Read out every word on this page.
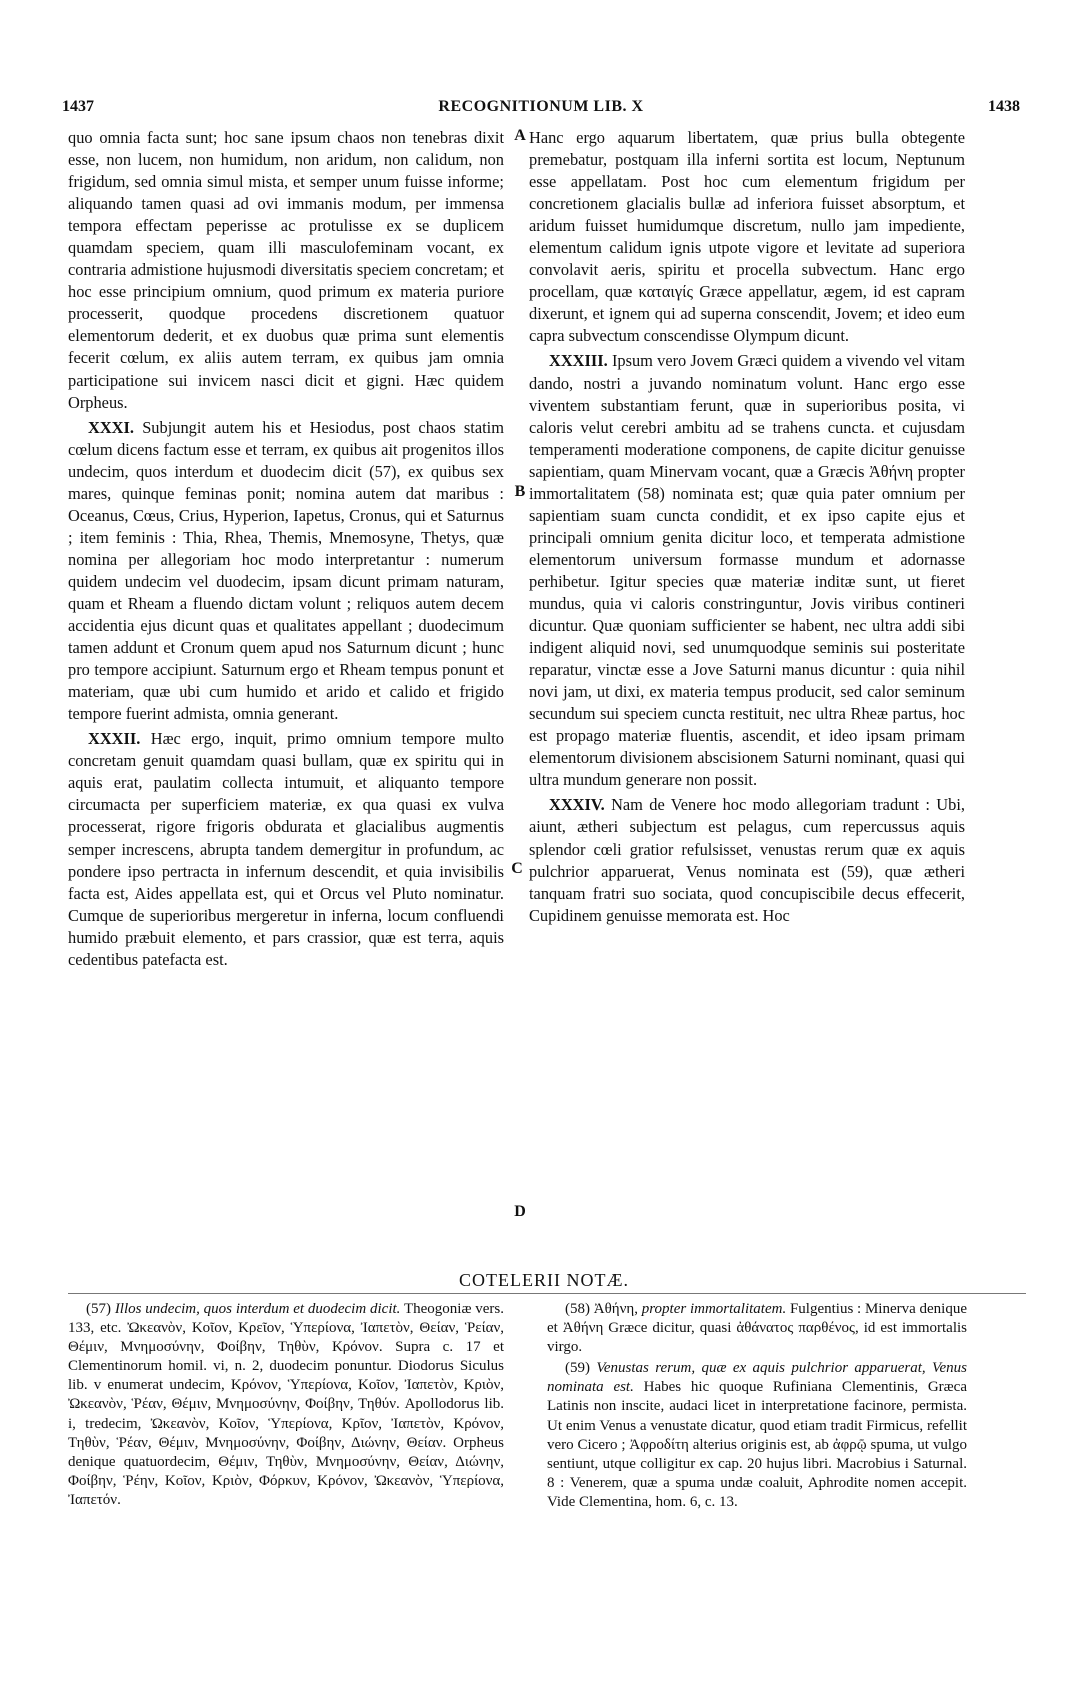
1437	RECOGNITIONUM LIB. X	1438

quo omnia facta sunt; hoc sane ipsum chaos non tenebras dixit esse, non lucem, non humidum, non aridum, non calidum, non frigidum, sed omnia simul mista, et semper unum fuisse informe; aliquando tamen quasi ad ovi immanis modum, per immensa tempora effectam peperisse ac protulisse ex se duplicem quamdam speciem, quam illi masculofeminam vocant, ex contraria admistione hujusmodi diversitatis speciem concretam; et hoc esse principium omnium, quod primum ex materia puriore processerit, quodque procedens discretionem quatuor elementorum dederit, et ex duobus quæ prima sunt elementis fecerit cœlum, ex aliis autem terram, ex quibus jam omnia participatione sui invicem nasci dicit et gigni. Hæc quidem Orpheus.

XXXI. Subjungit autem his et Hesiodus, post chaos statim cœlum dicens factum esse et terram, ex quibus ait progenitos illos undecim, quos interdum et duodecim dicit (57), ex quibus sex mares, quinque feminas ponit; nomina autem dat maribus : Oceanus, Cœus, Crius, Hyperion, Iapetus, Cronus, qui et Saturnus ; item feminis : Thia, Rhea, Themis, Mnemosyne, Thetys, quæ nomina per allegoriam hoc modo interpretantur : numerum quidem undecim vel duodecim, ipsam dicunt primam naturam, quam et Rheam a fluendo dictam volunt ; reliquos autem decem accidentia ejus dicunt quas et qualitates appellant ; duodecimum tamen addunt et Cronum quem apud nos Saturnum dicunt ; hunc pro tempore accipiunt. Saturnum ergo et Rheam tempus ponunt et materiam, quæ ubi cum humido et arido et calido et frigido tempore fuerint admista, omnia generant.

XXXII. Hæc ergo, inquit, primo omnium tempore multo concretam genuit quamdam quasi bullam, quæ ex spiritu qui in aquis erat, paulatim collecta intumuit, et aliquanto tempore circumacta per superficiem materiæ, ex qua quasi ex vulva processerat, rigore frigoris obdurata et glacialibus augmentis semper increscens, abrupta tandem demergitur in profundum, ac pondere ipso pertracta in infernum descendit, et quia invisibilis facta est, Aides appellata est, qui et Orcus vel Pluto nominatur. Cumque de superioribus mergeretur in inferna, locum confluendi humido præbuit elemento, et pars crassior, quæ est terra, aquis cedentibus patefacta est.

A
B
C
D

Hanc ergo aquarum libertatem, quæ prius bulla obtegente premebatur, postquam illa inferni sortita est locum, Neptunum esse appellatam. Post hoc cum elementum frigidum per concretionem glacialis bullæ ad inferiora fuisset absorptum, et aridum fuisset humidumque discretum, nullo jam impediente, elementum calidum ignis utpote vigore et levitate ad superiora convolavit aeris, spiritu et procella subvectum. Hanc ergo procellam, quæ καταιγίς Græce appellatur, ægem, id est capram dixerunt, et ignem qui ad superna conscendit, Jovem; et ideo eum capra subvectum conscendisse Olympum dicunt.

XXXIII. Ipsum vero Jovem Græci quidem a vivendo vel vitam dando, nostri a juvando nominatum volunt. Hanc ergo esse viventem substantiam ferunt, quæ in superioribus posita, vi caloris velut cerebri ambitu ad se trahens cuncta. et cujusdam temperamenti moderatione componens, de capite dicitur genuisse sapientiam, quam Minervam vocant, quæ a Græcis Ἀθήνη propter immortalitatem (58) nominata est; quæ quia pater omnium per sapientiam suam cuncta condidit, et ex ipso capite ejus et principali omnium genita dicitur loco, et temperata admistione elementorum universum formasse mundum et adornasse perhibetur. Igitur species quæ materiæ inditæ sunt, ut fieret mundus, quia vi caloris constringuntur, Jovis viribus contineri dicuntur. Quæ quoniam sufficienter se habent, nec ultra addi sibi indigent aliquid novi, sed unumquodque seminis sui posteritate reparatur, vinctæ esse a Jove Saturni manus dicuntur : quia nihil novi jam, ut dixi, ex materia tempus producit, sed calor seminum secundum sui speciem cuncta restituit, nec ultra Rheæ partus, hoc est propago materiæ fluentis, ascendit, et ideo ipsam primam elementorum divisionem abscisionem Saturni nominant, quasi qui ultra mundum generare non possit.

XXXIV. Nam de Venere hoc modo allegoriam tradunt : Ubi, aiunt, ætheri subjectum est pelagus, cum repercussus aquis splendor cœli gratior refulsisset, venustas rerum quæ ex aquis pulchrior apparuerat, Venus nominata est (59), quæ ætheri tanquam fratri suo sociata, quod concupiscibile decus effecerit, Cupidinem genuisse memorata est. Hoc

COTELERII NOTÆ.

(57) Illos undecim, quos interdum et duodecim dicit. Theogoniæ vers. 133, etc. Ὠκεανὸν, Κοῖον, Κρεῖον, Ὑπερίονα, Ἰαπετὸν, Θείαν, Ῥείαν, Θέμιν, Μνημοσύνην, Φοίβην, Τηθὺν, Κρόνον. Supra c. 17 et Clementinorum homil. vi, n. 2, duodecim ponuntur. Diodorus Siculus lib. v enumerat undecim, Κρόνον, Ὑπερίονα, Κοῖον, Ἰαπετὸν, Κριὸν, Ὠκεανὸν, Ῥέαν, Θέμιν, Μνημοσύνην, Φοίβην, Τηθύν. Apollodorus lib. i, tredecim, Ὠκεανὸν, Κοῖον, Ὑπερίονα, Κρῖον, Ἰαπετὸν, Κρόνον, Τηθὺν, Ῥέαν, Θέμιν, Μνημοσύνην, Φοίβην, Διώνην, Θείαν. Orpheus denique quatuordecim, Θέμιν, Τηθὺν, Μνημοσύνην, Θείαν, Διώνην, Φοίβην, Ῥέην, Κοῖον, Κριὸν, Φόρκυν, Κρόνον, Ὠκεανὸν, Ὑπερίονα, Ἰαπετόν.

(58) Ἀθήνη, propter immortalitatem. Fulgentius : Minerva denique et Ἀθήνη Græce dicitur, quasi ἀθάνατος παρθένος, id est immortalis virgo.

(59) Venustas rerum, quæ ex aquis pulchrior apparuerat, Venus nominata est. Habes hic quoque Rufiniana Clementinis, Græca Latinis non inscite, audaci licet in interpretatione facinore, permista. Ut enim Venus a venustate dicatur, quod etiam tradit Firmicus, refellit vero Cicero ; Ἀφροδίτη alterius originis est, ab ἀφρῷ spuma, ut vulgo sentiunt, utque colligitur ex cap. 20 hujus libri. Macrobius i Saturnal. 8 : Venerem, quæ a spuma undæ coaluit, Aphrodite nomen accepit. Vide Clementina, hom. 6, c. 13.
